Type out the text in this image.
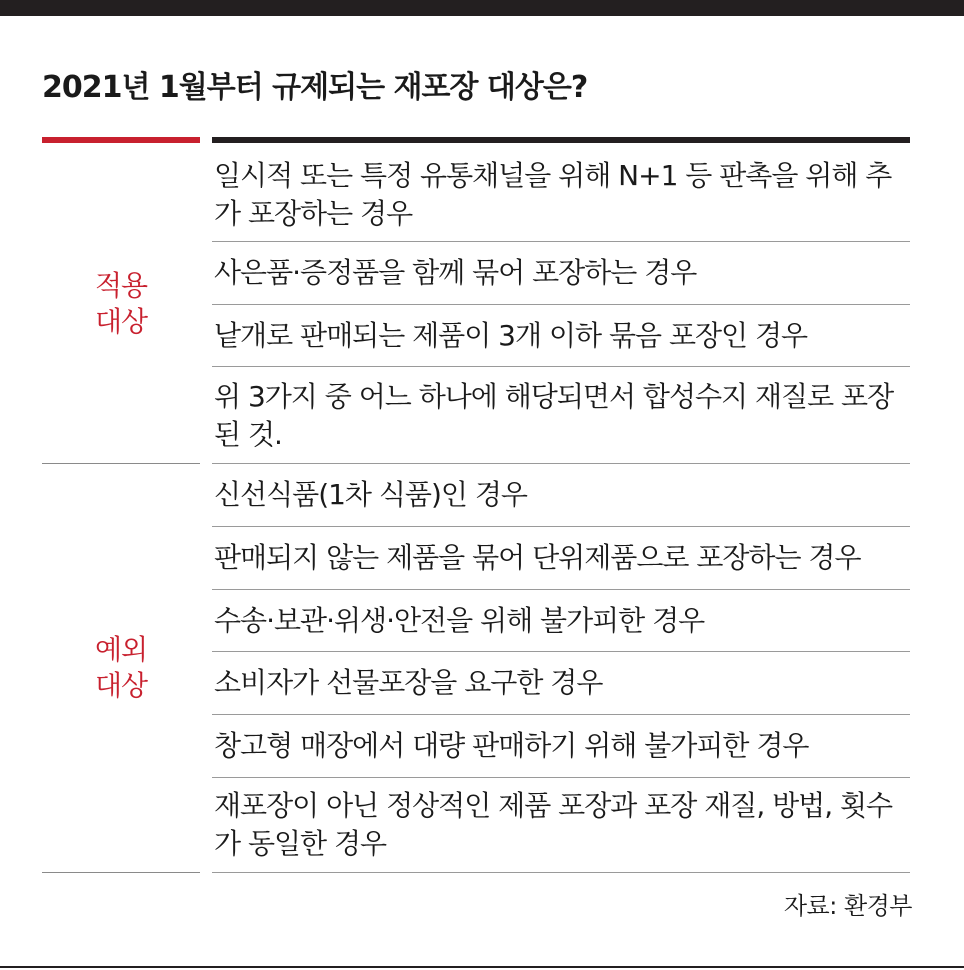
2021년 1월부터 규제되는 재포장 대상은?
적용
대상
일시적 또는 특정 유통채널을 위해 N+1 등 판촉을 위해 추가 포장하는 경우
사은품·증정품을 함께 묶어 포장하는 경우
낱개로 판매되는 제품이 3개 이하 묶음 포장인 경우
위 3가지 중 어느 하나에 해당되면서 합성수지 재질로 포장된 것.
예외
대상
신선식품(1차 식품)인 경우
판매되지 않는 제품을 묶어 단위제품으로 포장하는 경우
수송·보관·위생·안전을 위해 불가피한 경우
소비자가 선물포장을 요구한 경우
창고형 매장에서 대량 판매하기 위해 불가피한 경우
재포장이 아닌 정상적인 제품 포장과 포장 재질, 방법, 횟수가 동일한 경우
자료: 환경부
